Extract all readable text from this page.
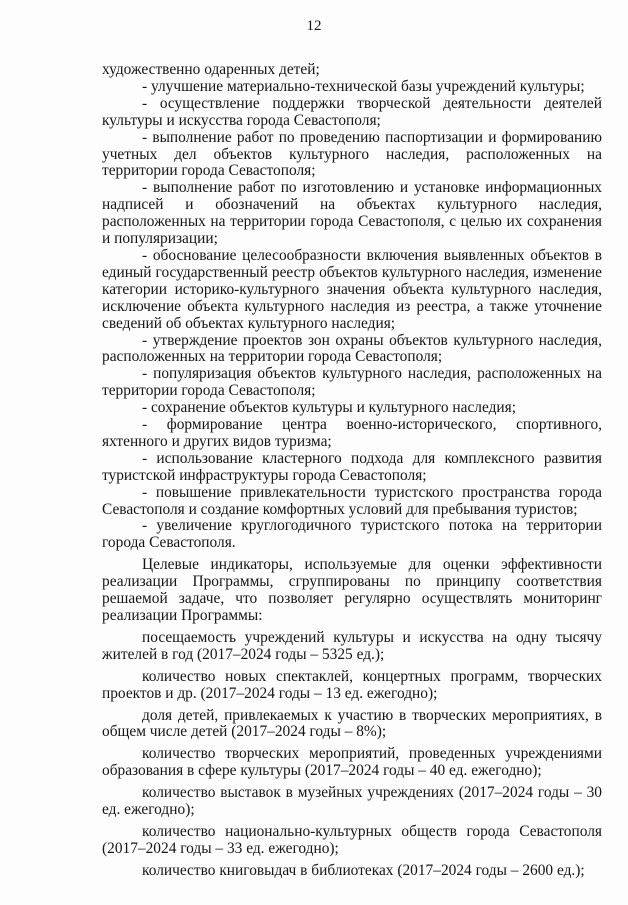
12

художественно одаренных детей;

- улучшение материально-технической базы учреждений культуры;

- осуществление поддержки творческой деятельности деятелей культуры и искусства города Севастополя;

- выполнение работ по проведению паспортизации и формированию учетных дел объектов культурного наследия, расположенных на территории города Севастополя;

- выполнение работ по изготовлению и установке информационных надписей и обозначений на объектах культурного наследия, расположенных на территории города Севастополя, с целью их сохранения и популяризации;

- обоснование целесообразности включения выявленных объектов в единый государственный реестр объектов культурного наследия, изменение категории историко-культурного значения объекта культурного наследия, исключение объекта культурного наследия из реестра, а также уточнение сведений об объектах культурного наследия;

- утверждение проектов зон охраны объектов культурного наследия, расположенных на территории города Севастополя;

- популяризация объектов культурного наследия, расположенных на территории города Севастополя;

- сохранение объектов культуры и культурного наследия;

- формирование центра военно-исторического, спортивного, яхтенного и других видов туризма;

- использование кластерного подхода для комплексного развития туристской инфраструктуры города Севастополя;

- повышение привлекательности туристского пространства города Севастополя и создание комфортных условий для пребывания туристов;

- увеличение круглогодичного туристского потока на территории города Севастополя.

Целевые индикаторы, используемые для оценки эффективности реализации Программы, сгруппированы по принципу соответствия решаемой задаче, что позволяет регулярно осуществлять мониторинг реализации Программы:

посещаемость учреждений культуры и искусства на одну тысячу жителей в год (2017–2024 годы – 5325 ед.);

количество новых спектаклей, концертных программ, творческих проектов и др. (2017–2024 годы – 13 ед. ежегодно);

доля детей, привлекаемых к участию в творческих мероприятиях, в общем числе детей (2017–2024 годы – 8%);

количество творческих мероприятий, проведенных учреждениями образования в сфере культуры (2017–2024 годы – 40 ед. ежегодно);

количество выставок в музейных учреждениях (2017–2024 годы – 30 ед. ежегодно);

количество национально-культурных обществ города Севастополя (2017–2024 годы – 33 ед. ежегодно);

количество книговыдач в библиотеках (2017–2024 годы – 2600 ед.);
